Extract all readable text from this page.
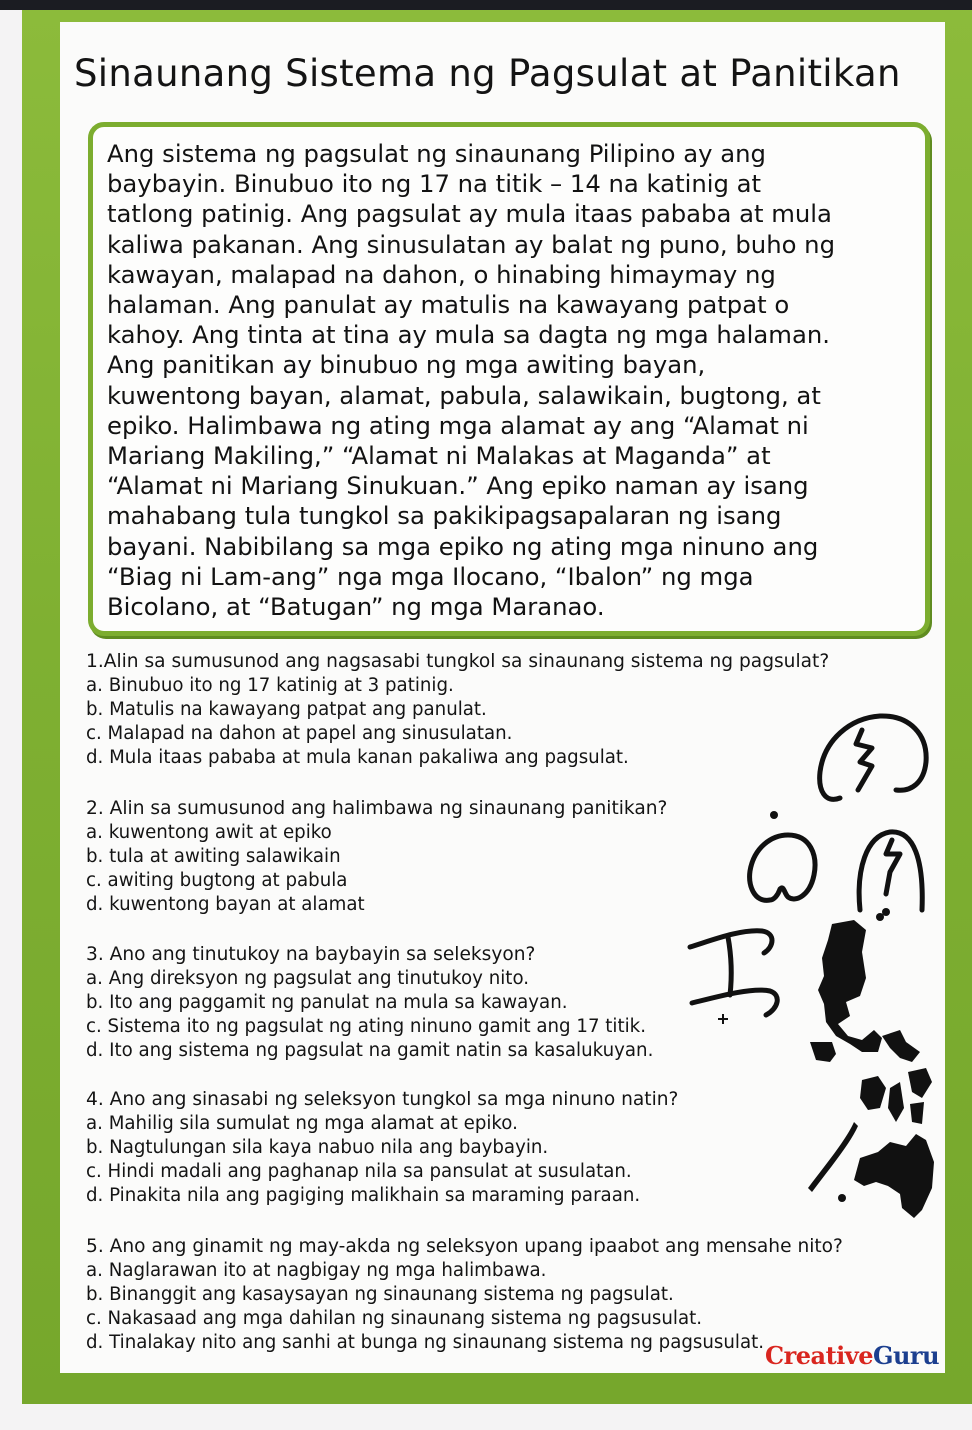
Sinaunang Sistema ng Pagsulat at Panitikan
Ang sistema ng pagsulat ng sinaunang Pilipino ay ang
baybayin. Binubuo ito ng 17 na titik – 14 na katinig at
tatlong patinig. Ang pagsulat ay mula itaas pababa at mula
kaliwa pakanan. Ang sinusulatan ay balat ng puno, buho ng
kawayan, malapad na dahon, o hinabing himaymay ng
halaman. Ang panulat ay matulis na kawayang patpat o
kahoy. Ang tinta at tina ay mula sa dagta ng mga halaman.
Ang panitikan ay binubuo ng mga awiting bayan,
kuwentong bayan, alamat, pabula, salawikain, bugtong, at
epiko. Halimbawa ng ating mga alamat ay ang “Alamat ni
Mariang Makiling,” “Alamat ni Malakas at Maganda” at
“Alamat ni Mariang Sinukuan.” Ang epiko naman ay isang
mahabang tula tungkol sa pakikipagsapalaran ng isang
bayani. Nabibilang sa mga epiko ng ating mga ninuno ang
“Biag ni Lam-ang” nga mga Ilocano, “Ibalon” ng mga
Bicolano, at “Batugan” ng mga Maranao.
1.Alin sa sumusunod ang nagsasabi tungkol sa sinaunang sistema ng pagsulat?
a. Binubuo ito ng 17 katinig at 3 patinig.
b. Matulis na kawayang patpat ang panulat.
c. Malapad na dahon at papel ang sinusulatan.
d. Mula itaas pababa at mula kanan pakaliwa ang pagsulat.
2. Alin sa sumusunod ang halimbawa ng sinaunang panitikan?
a. kuwentong awit at epiko
b. tula at awiting salawikain
c. awiting bugtong at pabula
d. kuwentong bayan at alamat
3. Ano ang tinutukoy na baybayin sa seleksyon?
a. Ang direksyon ng pagsulat ang tinutukoy nito.
b. Ito ang paggamit ng panulat na mula sa kawayan.
c. Sistema ito ng pagsulat ng ating ninuno gamit ang 17 titik.
d. Ito ang sistema ng pagsulat na gamit natin sa kasalukuyan.
4. Ano ang sinasabi ng seleksyon tungkol sa mga ninuno natin?
a. Mahilig sila sumulat ng mga alamat at epiko.
b. Nagtulungan sila kaya nabuo nila ang baybayin.
c. Hindi madali ang paghanap nila sa pansulat at susulatan.
d. Pinakita nila ang pagiging malikhain sa maraming paraan.
5. Ano ang ginamit ng may-akda ng seleksyon upang ipaabot ang mensahe nito?
a. Naglarawan ito at nagbigay ng mga halimbawa.
b. Binanggit ang kasaysayan ng sinaunang sistema ng pagsulat.
c. Nakasaad ang mga dahilan ng sinaunang sistema ng pagsusulat.
d. Tinalakay nito ang sanhi at bunga ng sinaunang sistema ng pagsusulat. CreativeGuru
